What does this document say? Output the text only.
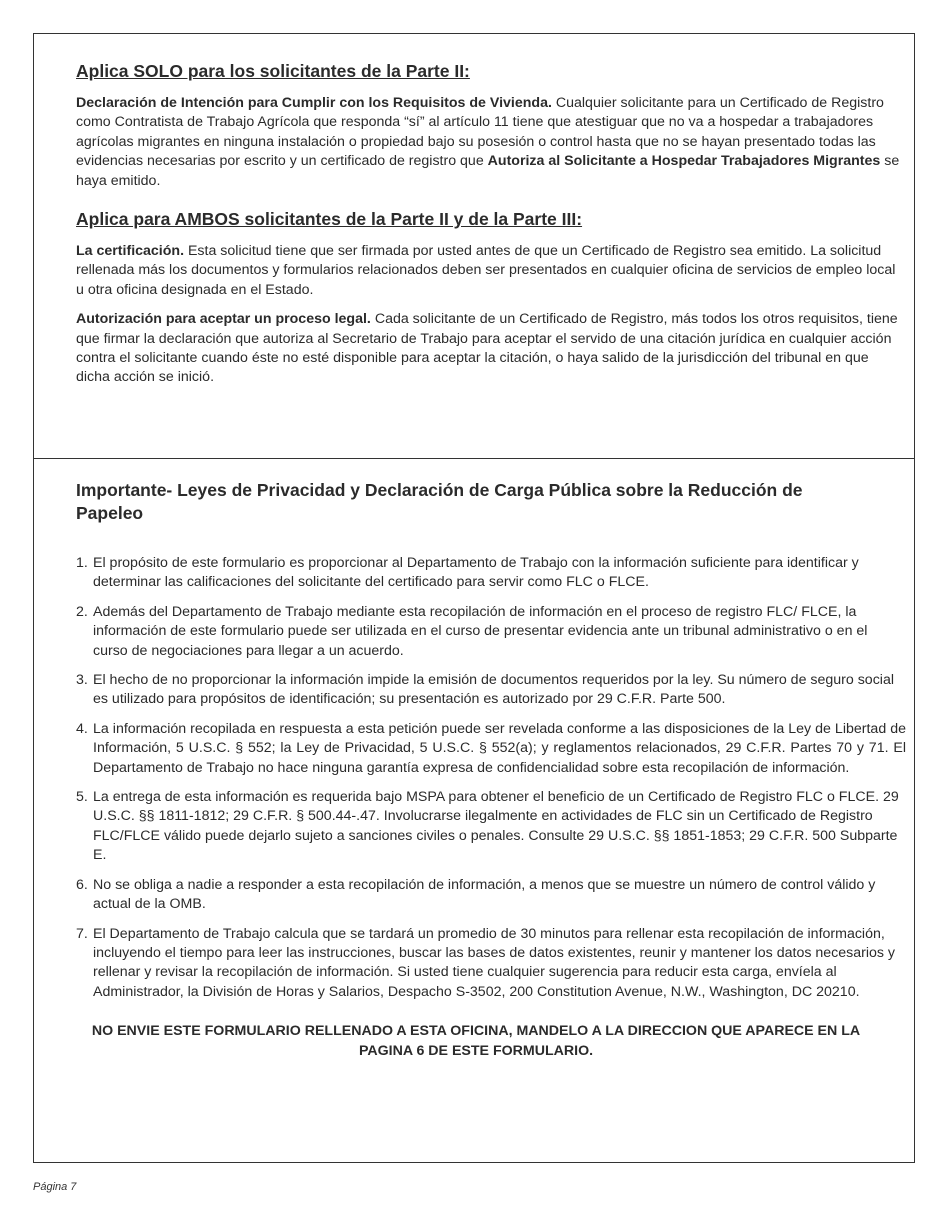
Aplica SOLO para los solicitantes de la Parte II:

Declaración de Intención para Cumplir con los Requisitos de Vivienda. Cualquier solicitante para un Certificado de Registro como Contratista de Trabajo Agrícola que responda “sí” al artículo 11 tiene que atestiguar que no va a hospedar a trabajadores agrícolas migrantes en ninguna instalación o propiedad bajo su posesión o control hasta que no se hayan presentado todas las evidencias necesarias por escrito y un certificado de registro que Autoriza al Solicitante a Hospedar Trabajadores Migrantes se haya emitido.

Aplica para AMBOS solicitantes de la Parte II y de la Parte III:

La certificación. Esta solicitud tiene que ser firmada por usted antes de que un Certificado de Registro sea emitido. La solicitud rellenada más los documentos y formularios relacionados deben ser presentados en cualquier oficina de servicios de empleo local u otra oficina designada en el Estado.

Autorización para aceptar un proceso legal. Cada solicitante de un Certificado de Registro, más todos los otros requisitos, tiene que firmar la declaración que autoriza al Secretario de Trabajo para aceptar el servido de una citación jurídica en cualquier acción contra el solicitante cuando éste no esté disponible para aceptar la citación, o haya salido de la jurisdicción del tribunal en que dicha acción se inició.

Importante- Leyes de Privacidad y Declaración de Carga Pública sobre la Reducción de Papeleo
1. El propósito de este formulario es proporcionar al Departamento de Trabajo con la información suficiente para identificar y determinar las calificaciones del solicitante del certificado para servir como FLC o FLCE.
2. Además del Departamento de Trabajo mediante esta recopilación de información en el proceso de registro FLC/ FLCE, la información de este formulario puede ser utilizada en el curso de presentar evidencia ante un tribunal administrativo o en el curso de negociaciones para llegar a un acuerdo.
3. El hecho de no proporcionar la información impide la emisión de documentos requeridos por la ley. Su número de seguro social es utilizado para propósitos de identificación; su presentación es autorizado por 29 C.F.R. Parte 500.
4. La información recopilada en respuesta a esta petición puede ser revelada conforme a las disposiciones de la Ley de Libertad de Información, 5 U.S.C. § 552; la Ley de Privacidad, 5 U.S.C. § 552(a); y reglamentos relacionados, 29 C.F.R. Partes 70 y 71. El Departamento de Trabajo no hace ninguna garantía expresa de confidencialidad sobre esta recopilación de información.
5. La entrega de esta información es requerida bajo MSPA para obtener el beneficio de un Certificado de Registro FLC o FLCE. 29 U.S.C. §§ 1811-1812; 29 C.F.R. § 500.44-.47. Involucrarse ilegalmente en actividades de FLC sin un Certificado de Registro FLC/FLCE válido puede dejarlo sujeto a sanciones civiles o penales. Consulte 29 U.S.C. §§ 1851-1853; 29 C.F.R. 500 Subparte E.
6. No se obliga a nadie a responder a esta recopilación de información, a menos que se muestre un número de control válido y actual de la OMB.
7. El Departamento de Trabajo calcula que se tardará un promedio de 30 minutos para rellenar esta recopilación de información, incluyendo el tiempo para leer las instrucciones, buscar las bases de datos existentes, reunir y mantener los datos necesarios y rellenar y revisar la recopilación de información. Si usted tiene cualquier sugerencia para reducir esta carga, envíela al Administrador, la División de Horas y Salarios, Despacho S-3502, 200 Constitution Avenue, N.W., Washington, DC 20210.
NO ENVIE ESTE FORMULARIO RELLENADO A ESTA OFICINA, MANDELO A LA DIRECCION QUE APARECE EN LA PAGINA 6 DE ESTE FORMULARIO.
Página 7
